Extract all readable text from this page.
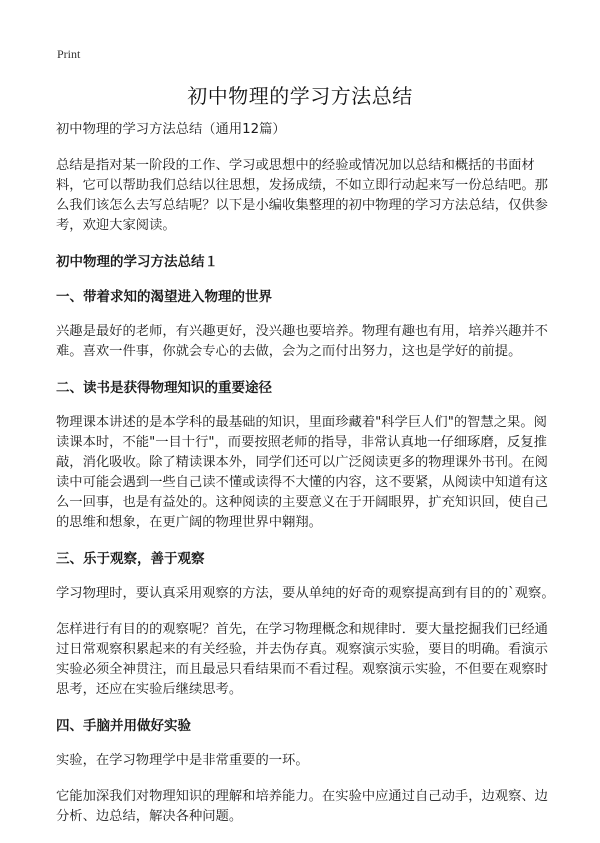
Print
初中物理的学习方法总结

初中物理的学习方法总结（通用12篇）

总结是指对某一阶段的工作、学习或思想中的经验或情况加以总结和概括的书面材料，它可以帮助我们总结以往思想，发扬成绩，不如立即行动起来写一份总结吧。那么我们该怎么去写总结呢？以下是小编收集整理的初中物理的学习方法总结，仅供参考，欢迎大家阅读。

初中物理的学习方法总结１
一、带着求知的渴望进入物理的世界

兴趣是最好的老师，有兴趣更好，没兴趣也要培养。物理有趣也有用，培养兴趣并不难。喜欢一件事，你就会专心的去做，会为之而付出努力，这也是学好的前提。

二、读书是获得物理知识的重要途径

物理课本讲述的是本学科的最基础的知识，里面珍藏着"科学巨人们"的智慧之果。阅读课本时，不能"一目十行"，而要按照老师的指导，非常认真地一仔细琢磨，反复推敲，消化吸收。除了精读课本外，同学们还可以广泛阅读更多的物理课外书刊。在阅读中可能会遇到一些自己读不懂或读得不大懂的内容，这不要紧，从阅读中知道有这么一回事，也是有益处的。这种阅读的主要意义在于开阔眼界，扩充知识回，使自己的思维和想象，在更广阔的物理世界中翱翔。

三、乐于观察，善于观察

学习物理时，要认真采用观察的方法，要从单纯的好奇的观察提高到有目的的`观察。

怎样进行有目的的观察呢？首先，在学习物理概念和规律时．要大量挖掘我们已经通过日常观察积累起来的有关经验，并去伪存真。观察演示实验，要目的明确。看演示实验必须全神贯注，而且最忌只看结果而不看过程。观察演示实验，不但要在观察时思考，还应在实验后继续思考。

四、手脑并用做好实验

实验，在学习物理学中是非常重要的一环。

它能加深我们对物理知识的理解和培养能力。在实验中应通过自己动手，边观察、边分析、边总结，解决各种问题。
